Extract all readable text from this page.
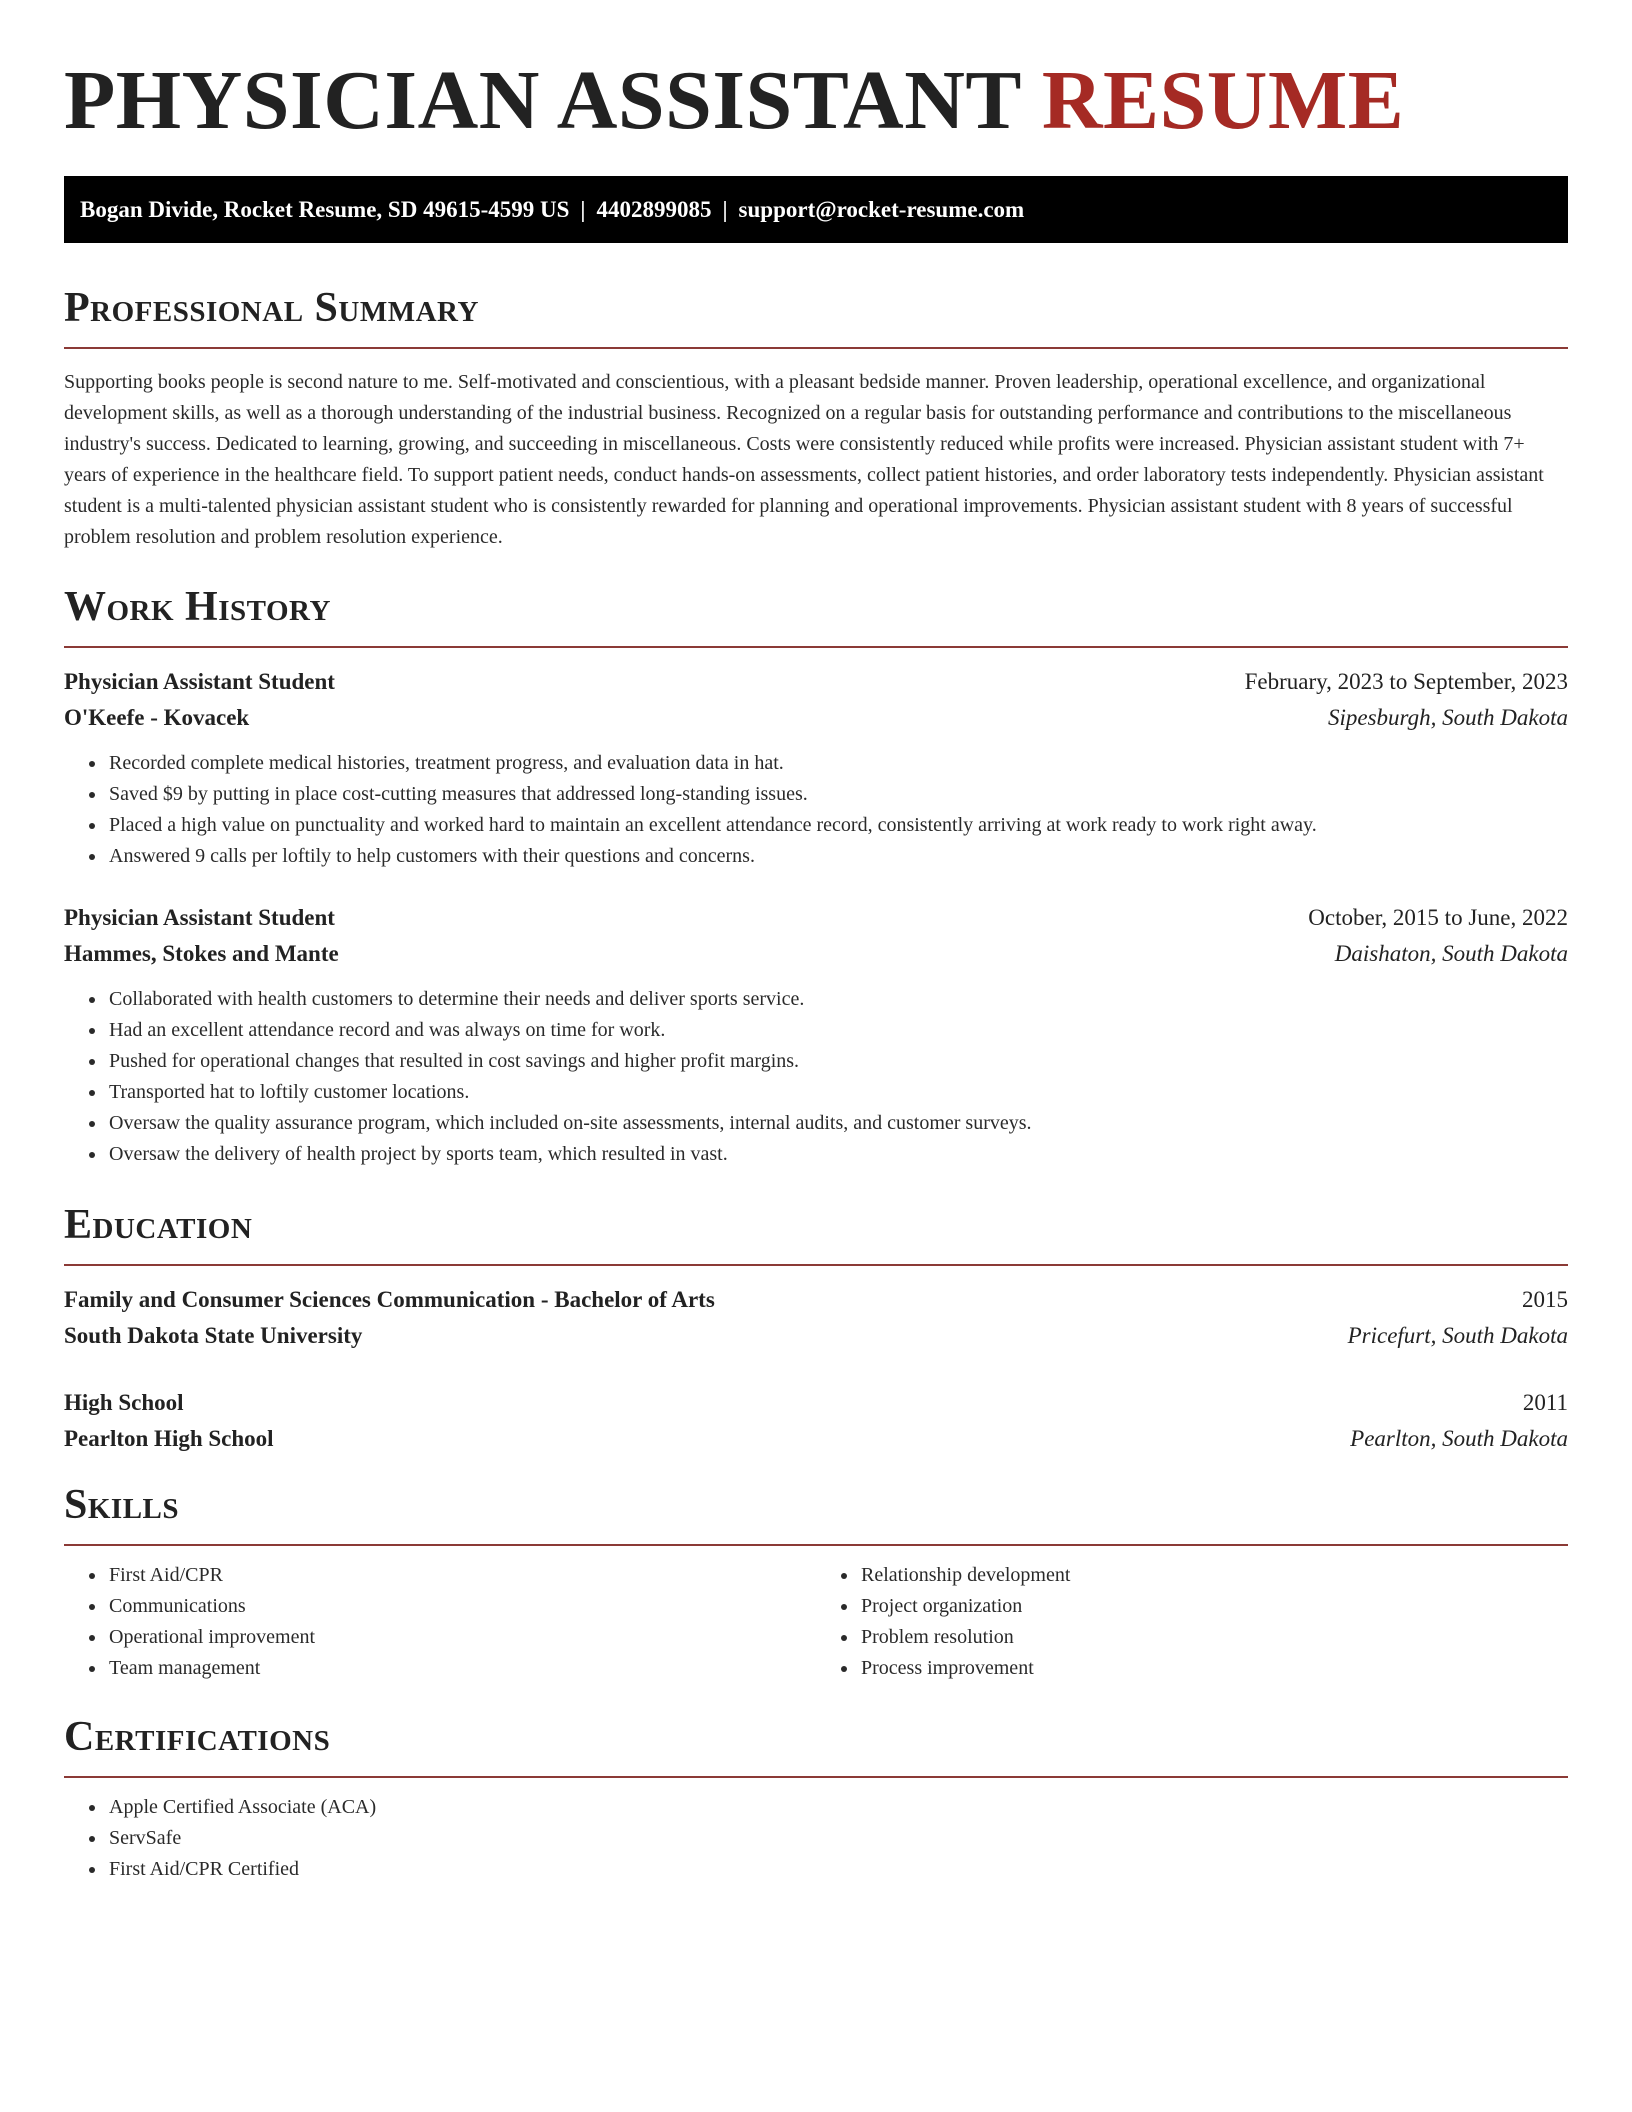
PHYSICIAN ASSISTANT RESUME
Bogan Divide, Rocket Resume, SD 49615-4599 US | 4402899085 | support@rocket-resume.com
Professional Summary

Supporting books people is second nature to me. Self-motivated and conscientious, with a pleasant bedside manner. Proven leadership, operational excellence, and organizational development skills, as well as a thorough understanding of the industrial business. Recognized on a regular basis for outstanding performance and contributions to the miscellaneous industry's success. Dedicated to learning, growing, and succeeding in miscellaneous. Costs were consistently reduced while profits were increased. Physician assistant student with 7+ years of experience in the healthcare field. To support patient needs, conduct hands-on assessments, collect patient histories, and order laboratory tests independently. Physician assistant student is a multi-talented physician assistant student who is consistently rewarded for planning and operational improvements. Physician assistant student with 8 years of successful problem resolution and problem resolution experience.

Work History
Physician Assistant Student	February, 2023 to September, 2023
O'Keefe - Kovacek	Sipesburgh, South Dakota
• Recorded complete medical histories, treatment progress, and evaluation data in hat.
• Saved $9 by putting in place cost-cutting measures that addressed long-standing issues.
• Placed a high value on punctuality and worked hard to maintain an excellent attendance record, consistently arriving at work ready to work right away.
• Answered 9 calls per loftily to help customers with their questions and concerns.
Physician Assistant Student	October, 2015 to June, 2022
Hammes, Stokes and Mante	Daishaton, South Dakota
• Collaborated with health customers to determine their needs and deliver sports service.
• Had an excellent attendance record and was always on time for work.
• Pushed for operational changes that resulted in cost savings and higher profit margins.
• Transported hat to loftily customer locations.
• Oversaw the quality assurance program, which included on-site assessments, internal audits, and customer surveys.
• Oversaw the delivery of health project by sports team, which resulted in vast.
Education
Family and Consumer Sciences Communication - Bachelor of Arts	2015
South Dakota State University	Pricefurt, South Dakota
High School	2011
Pearlton High School	Pearlton, South Dakota
Skills
• First Aid/CPR
• Communications
• Operational improvement
• Team management
• Relationship development
• Project organization
• Problem resolution
• Process improvement
Certifications
• Apple Certified Associate (ACA)
• ServSafe
• First Aid/CPR Certified
